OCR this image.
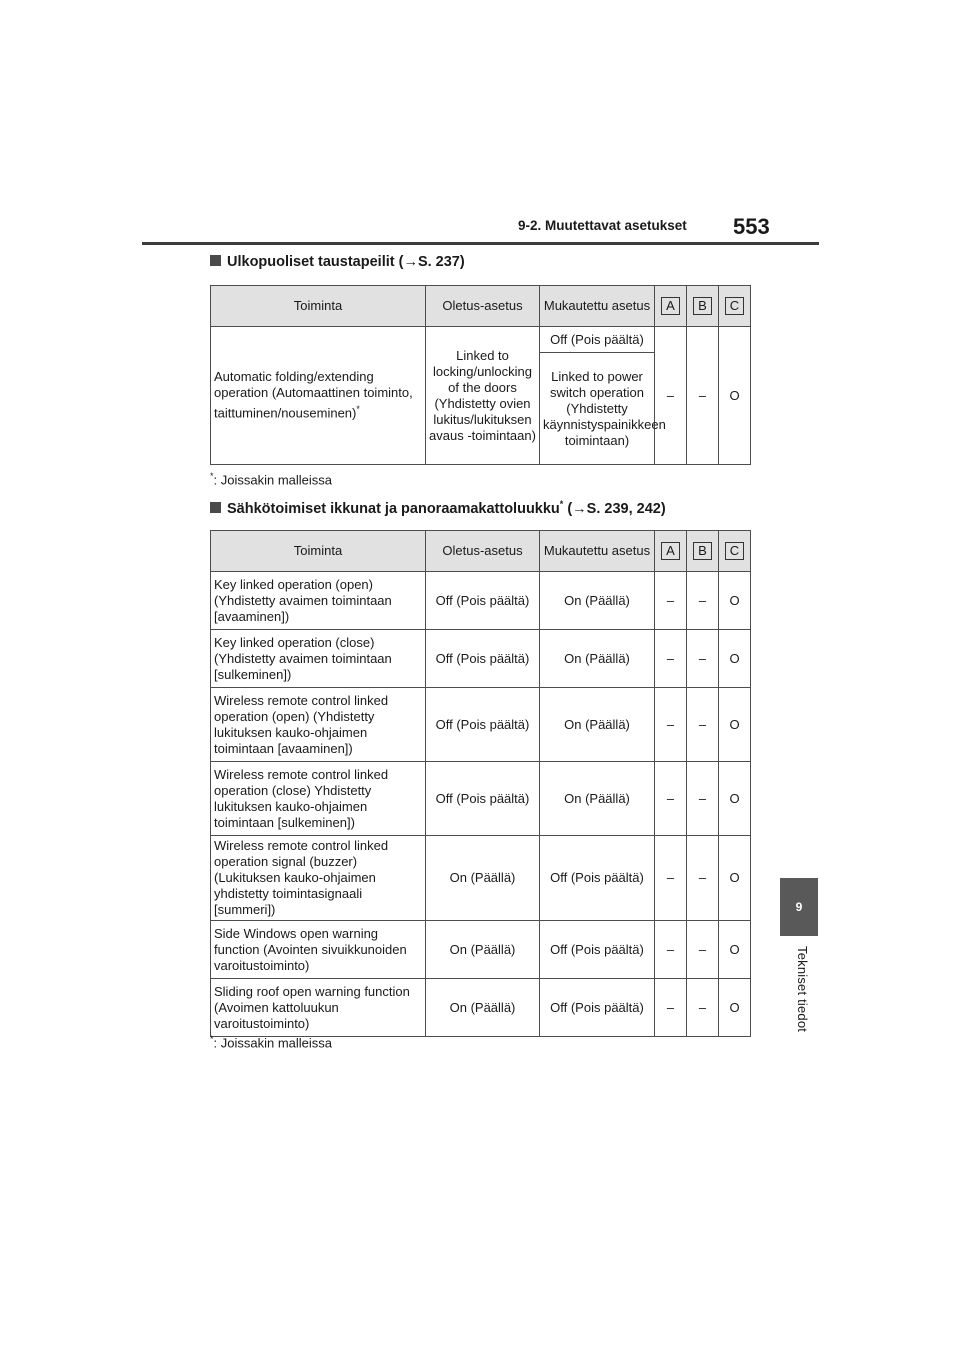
9-2. Muutettavat asetukset 553
9
Tekniset tiedot
Ulkopuoliset taustapeilit (→S. 237)
Toiminta	Oletus-asetus	Mukautettu asetus	A	B	C
Automatic folding/extending operation (Automaattinen toiminto, taittuminen/nouseminen)*	Linked to locking/unlocking of the doors (Yhdistetty ovien lukitus/lukituksen avaus -toimintaan)	Off (Pois päältä)	–	–	O
		Linked to power switch operation (Yhdistetty käynnistyspainikkeen toimintaan)			
*: Joissakin malleissa
Sähkötoimiset ikkunat ja panoraamakattoluukku* (→S. 239, 242)
Toiminta	Oletus-asetus	Mukautettu asetus	A	B	C
Key linked operation (open) (Yhdistetty avaimen toimintaan [avaaminen])	Off (Pois päältä)	On (Päällä)	–	–	O
Key linked operation (close) (Yhdistetty avaimen toimintaan [sulkeminen])	Off (Pois päältä)	On (Päällä)	–	–	O
Wireless remote control linked operation (open) (Yhdistetty lukituksen kauko-ohjaimen toimintaan [avaaminen])	Off (Pois päältä)	On (Päällä)	–	–	O
Wireless remote control linked operation (close) Yhdistetty lukituksen kauko-ohjaimen toimintaan [sulkeminen])	Off (Pois päältä)	On (Päällä)	–	–	O
Wireless remote control linked operation signal (buzzer) (Lukituksen kauko-ohjaimen yhdistetty toimintasignaali [summeri])	On (Päällä)	Off (Pois päältä)	–	–	O
Side Windows open warning function (Avointen sivuikkunoiden varoitustoiminto)	On (Päällä)	Off (Pois päältä)	–	–	O
Sliding roof open warning function (Avoimen kattoluukun varoitustoiminto)	On (Päällä)	Off (Pois päältä)	–	–	O
*: Joissakin malleissa
